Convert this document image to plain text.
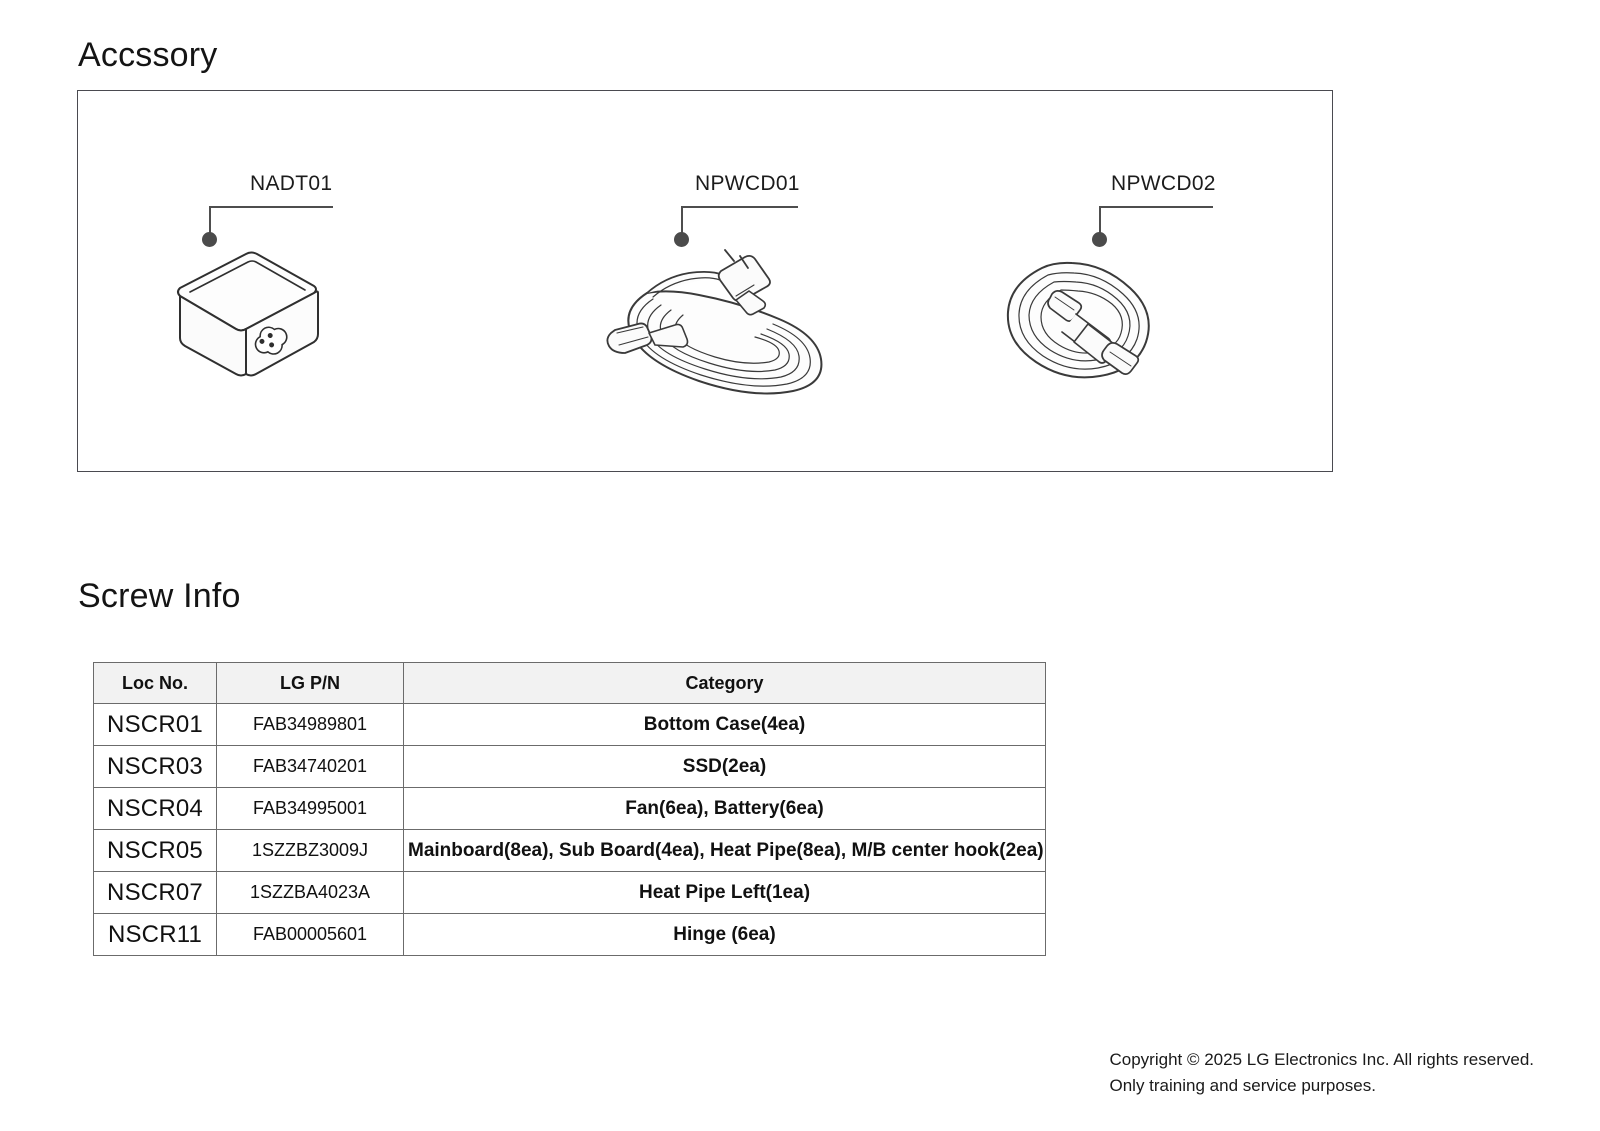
Accssory
NADT01	NPWCD01	NPWCD02
Screw Info
Loc No.	LG P/N	Category
NSCR01	FAB34989801	Bottom Case(4ea)
NSCR03	FAB34740201	SSD(2ea)
NSCR04	FAB34995001	Fan(6ea), Battery(6ea)
NSCR05	1SZZBZ3009J	Mainboard(8ea), Sub Board(4ea), Heat Pipe(8ea), M/B center hook(2ea)
NSCR07	1SZZBA4023A	Heat Pipe Left(1ea)
NSCR11	FAB00005601	Hinge (6ea)
Copyright © 2025 LG Electronics Inc. All rights reserved.
Only training and service purposes.
